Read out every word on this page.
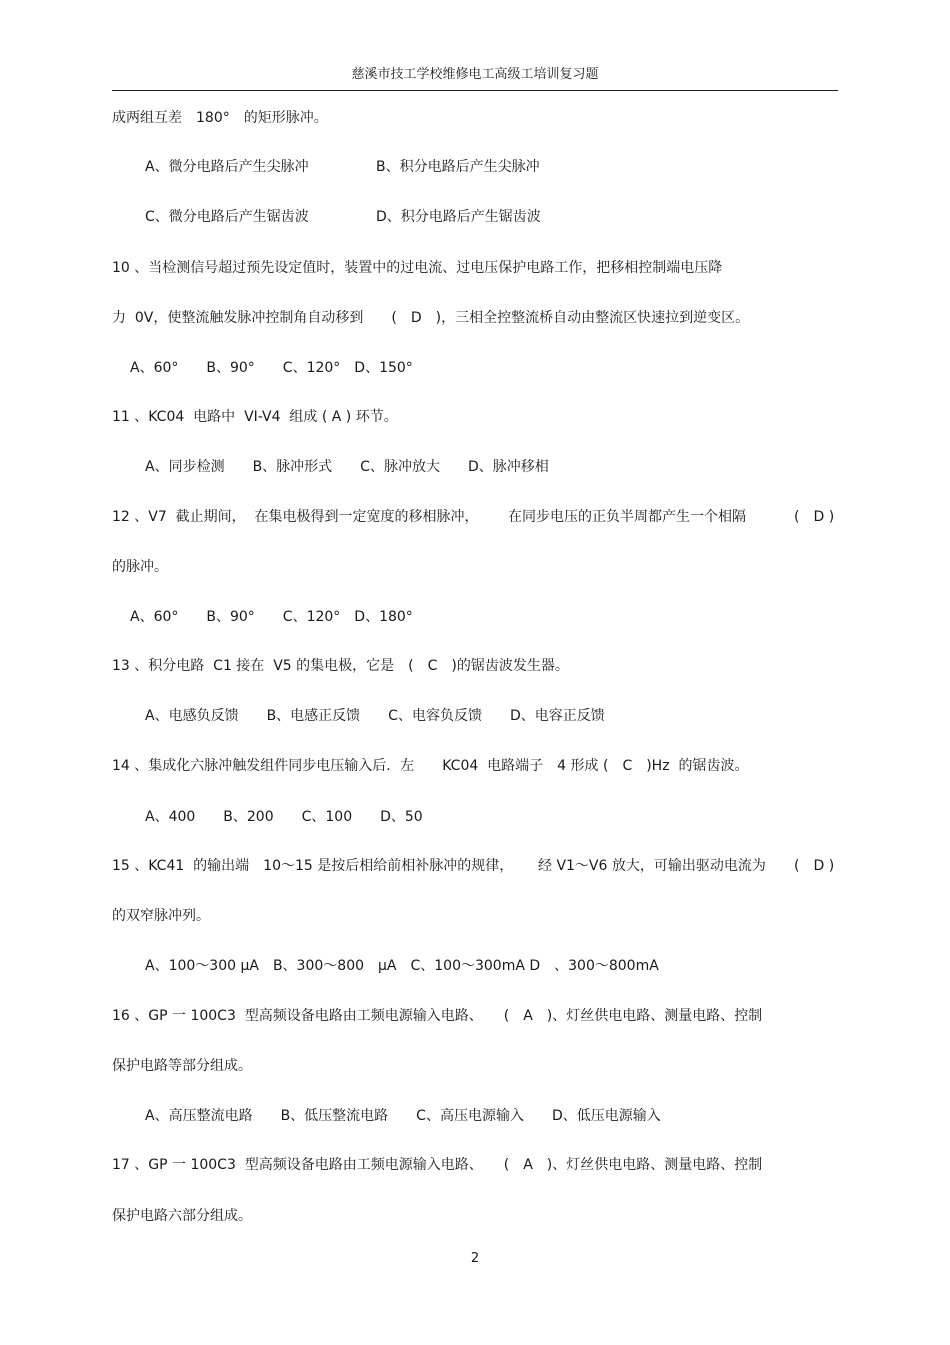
慈溪市技工学校维修电工高级工培训复习题
成两组互差　180°　的矩形脉冲。
A、微分电路后产生尖脉冲	B、积分电路后产生尖脉冲
C、微分电路后产生锯齿波	D、积分电路后产生锯齿波
10 、当检测信号超过预先设定值时，装置中的过电流、过电压保护电路工作，把移相控制端电压降
力  0V，使整流触发脉冲控制角自动移到　　(　D　)，三相全控整流桥自动由整流区快速拉到逆变区。
A、60°　　B、90°　　C、120°　D、150°
11 、KC04  电路中  VI-V4  组成 ( A ) 环节。
A、同步检测　　B、脉冲形式　　C、脉冲放大　　D、脉冲移相
12 、V7  截止期间，  在集电极得到一定宽度的移相脉冲， 在同步电压的正负半周都产生一个相隔	(　D )
的脉冲。
A、60°　　B、90°　　C、120°　D、180°
13 、积分电路  C1 接在  V5 的集电极，它是　(　C　)的锯齿波发生器。
A、电感负反馈　　B、电感正反馈　　C、电容负反馈　　D、电容正反馈
14 、集成化六脉冲触发组件同步电压输入后．左　　KC04  电路端子　4 形成 (　C　)Hz  的锯齿波。
A、400　　B、200　　C、100　　D、50
15 、KC41  的输出端　10～15 是按后相给前相补脉冲的规律， 经 V1～V6 放大，可输出驱动电流为 (　D )
的双窄脉冲列。
A、100～300 μA　B、300～800　μA　C、100～300mA D　、300～800mA
16 、GP 一 100C3  型高频设备电路由工频电源输入电路、　　(　A　)、灯丝供电电路、测量电路、控制
保护电路等部分组成。
A、高压整流电路　　B、低压整流电路　　C、高压电源输入　　D、低压电源输入
17 、GP 一 100C3  型高频设备电路由工频电源输入电路、　　(　A　)、灯丝供电电路、测量电路、控制
保护电路六部分组成。
2
